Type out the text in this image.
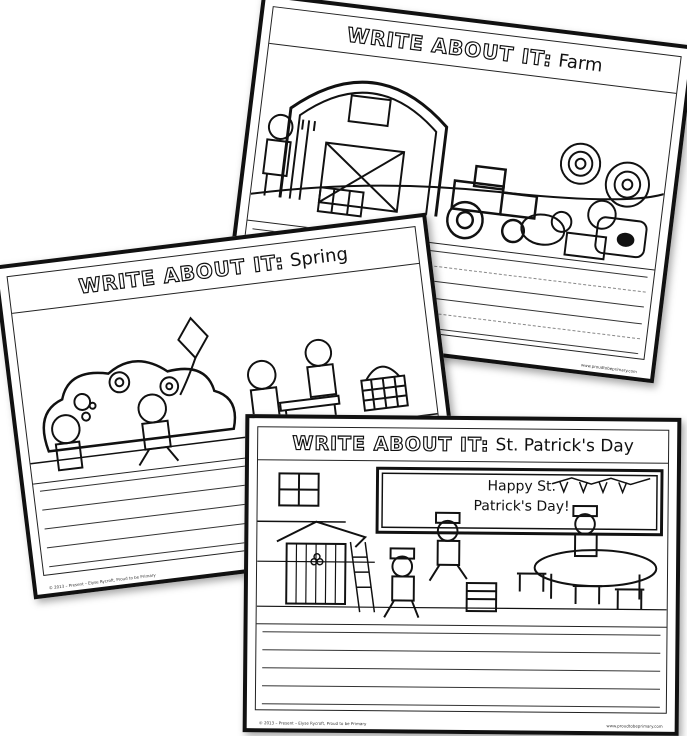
WRITE ABOUT IT: Farm
www.proudtobeprimary.com
WRITE ABOUT IT: Spring
© 2013 – Present – Elyse Rycroft, Proud to be Primary
WRITE ABOUT IT: St. Patrick's Day
Happy St.
Patrick's Day!
© 2013 – Present – Elyse Rycroft, Proud to be Primary	www.proudtobeprimary.com
